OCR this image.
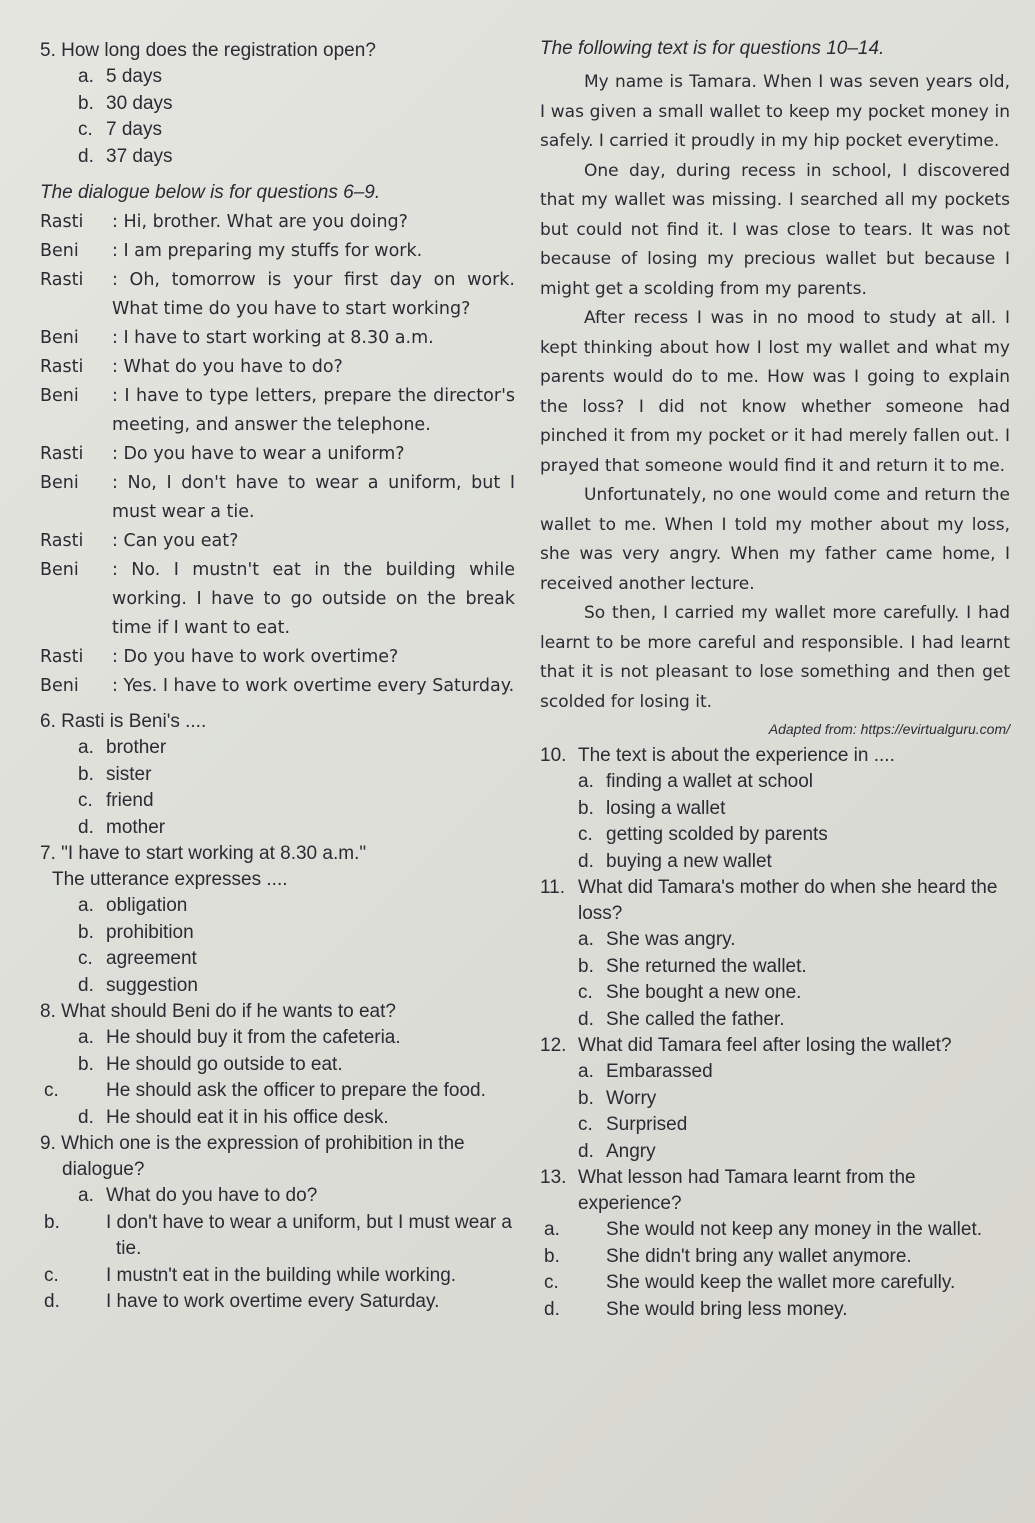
5. How long does the registration open?
a. 5 days
b. 30 days
c. 7 days
d. 37 days
The dialogue below is for questions 6–9.
Rasti	: Hi, brother. What are you doing?
Beni	: I am preparing my stuffs for work.
Rasti	: Oh, tomorrow is your first day on work. What time do you have to start working?
Beni	: I have to start working at 8.30 a.m.
Rasti	: What do you have to do?
Beni	: I have to type letters, prepare the director's meeting, and answer the telephone.
Rasti	: Do you have to wear a uniform?
Beni	: No, I don't have to wear a uniform, but I must wear a tie.
Rasti	: Can you eat?
Beni	: No. I mustn't eat in the building while working. I have to go outside on the break time if I want to eat.
Rasti	: Do you have to work overtime?
Beni	: Yes. I have to work overtime every Saturday.
6. Rasti is Beni's ....
a. brother
b. sister
c. friend
d. mother
7. "I have to start working at 8.30 a.m."
The utterance expresses ....
a. obligation
b. prohibition
c. agreement
d. suggestion
8. What should Beni do if he wants to eat?
a. He should buy it from the cafeteria.
b. He should go outside to eat.
c. He should ask the officer to prepare the food.
d. He should eat it in his office desk.
9. Which one is the expression of prohibition in the dialogue?
a. What do you have to do?
b. I don't have to wear a uniform, but I must wear a tie.
c. I mustn't eat in the building while working.
d. I have to work overtime every Saturday.
The following text is for questions 10–14.

My name is Tamara. When I was seven years old, I was given a small wallet to keep my pocket money in safely. I carried it proudly in my hip pocket everytime.

One day, during recess in school, I discovered that my wallet was missing. I searched all my pockets but could not find it. I was close to tears. It was not because of losing my precious wallet but because I might get a scolding from my parents.

After recess I was in no mood to study at all. I kept thinking about how I lost my wallet and what my parents would do to me. How was I going to explain the loss? I did not know whether someone had pinched it from my pocket or it had merely fallen out. I prayed that someone would find it and return it to me.

Unfortunately, no one would come and return the wallet to me. When I told my mother about my loss, she was very angry. When my father came home, I received another lecture.

So then, I carried my wallet more carefully. I had learnt to be more careful and responsible. I had learnt that it is not pleasant to lose something and then get scolded for losing it.

Adapted from: https://evirtualguru.com/
10. The text is about the experience in ....
a. finding a wallet at school
b. losing a wallet
c. getting scolded by parents
d. buying a new wallet
11. What did Tamara's mother do when she heard the loss?
a. She was angry.
b. She returned the wallet.
c. She bought a new one.
d. She called the father.
12. What did Tamara feel after losing the wallet?
a. Embarassed
b. Worry
c. Surprised
d. Angry
13. What lesson had Tamara learnt from the experience?
a. She would not keep any money in the wallet.
b. She didn't bring any wallet anymore.
c. She would keep the wallet more carefully.
d. She would bring less money.
